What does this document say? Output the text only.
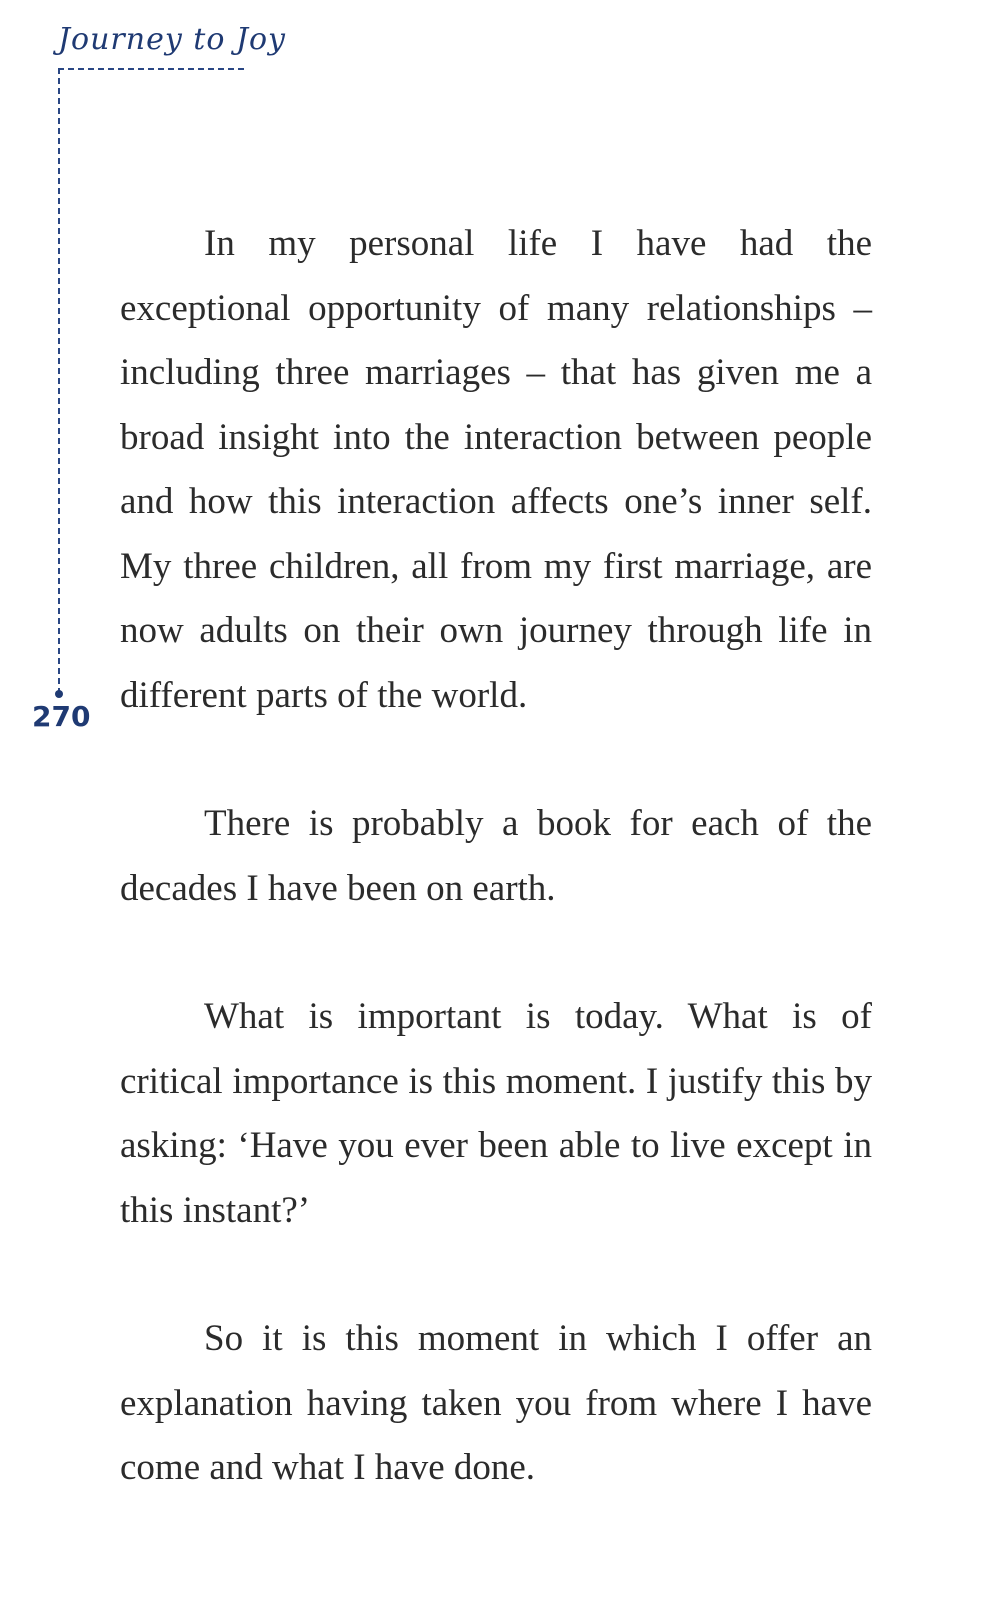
Journey to Joy
270

In my personal life I have had the exceptional opportunity of many relationships – including three marriages – that has given me a broad insight into the interaction between people and how this interaction affects one’s inner self. My three children, all from my first marriage, are now adults on their own journey through life in different parts of the world.

There is probably a book for each of the decades I have been on earth.

What is important is today. What is of critical importance is this moment. I justify this by asking: ‘Have you ever been able to live except in this instant?’

So it is this moment in which I offer an explanation having taken you from where I have come and what I have done.
